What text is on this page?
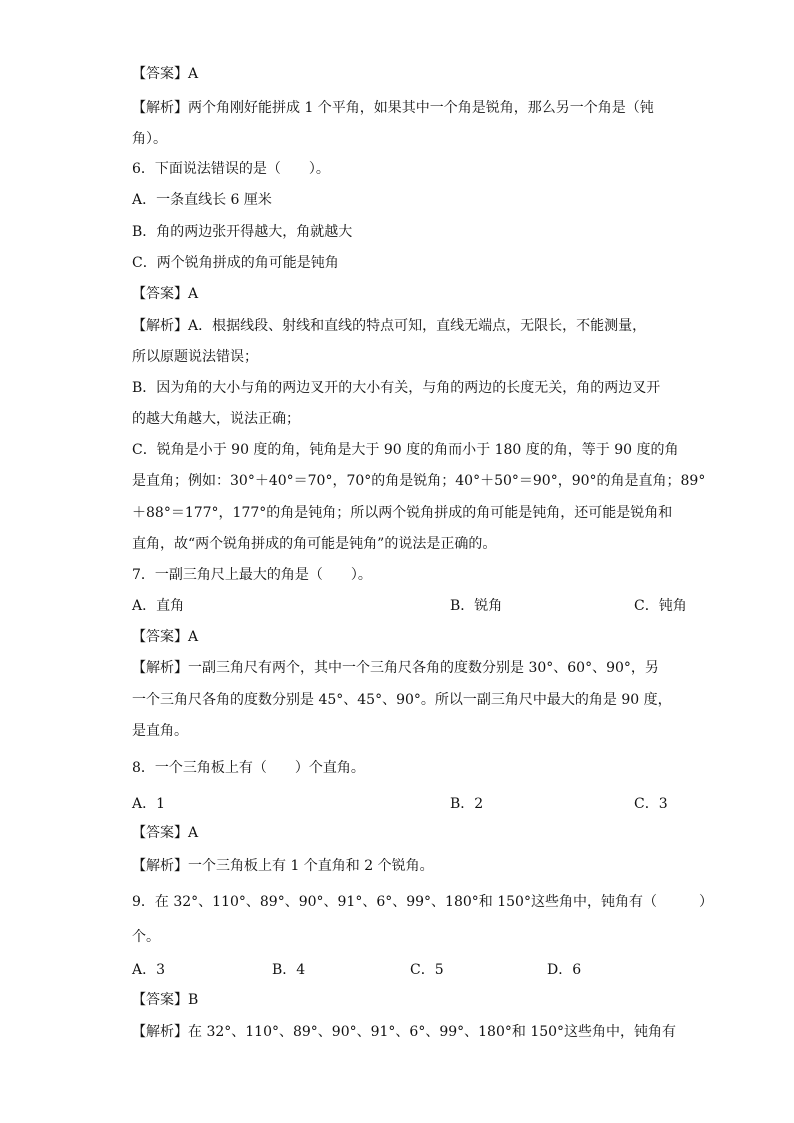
【答案】A
【解析】两个角刚好能拼成 1 个平角，如果其中一个角是锐角，那么另一个角是（钝
角）。
6．下面说法错误的是（　　）。
A．一条直线长 6 厘米
B．角的两边张开得越大，角就越大
C．两个锐角拼成的角可能是钝角
【答案】A
【解析】A．根据线段、射线和直线的特点可知，直线无端点，无限长，不能测量，
所以原题说法错误；
B．因为角的大小与角的两边叉开的大小有关，与角的两边的长度无关，角的两边叉开
的越大角越大，说法正确；
C．锐角是小于 90 度的角，钝角是大于 90 度的角而小于 180 度的角，等于 90 度的角
是直角；例如：30°＋40°＝70°，70°的角是锐角；40°＋50°＝90°，90°的角是直角；89°
＋88°＝177°，177°的角是钝角；所以两个锐角拼成的角可能是钝角，还可能是锐角和
直角，故“两个锐角拼成的角可能是钝角”的说法是正确的。
7．一副三角尺上最大的角是（　　）。
A．直角	B．锐角	C．钝角
【答案】A
【解析】一副三角尺有两个，其中一个三角尺各角的度数分别是 30°、60°、90°，另
一个三角尺各角的度数分别是 45°、45°、90°。所以一副三角尺中最大的角是 90 度，
是直角。
8．一个三角板上有（　　）个直角。
A．1	B．2	C．3
【答案】A
【解析】一个三角板上有 1 个直角和 2 个锐角。
9．在 32°、110°、89°、90°、91°、6°、99°、180°和 150°这些角中，钝角有（　　　）
个。
A．3	B．4	C．5	D．6
【答案】B
【解析】在 32°、110°、89°、90°、91°、6°、99°、180°和 150°这些角中，钝角有
